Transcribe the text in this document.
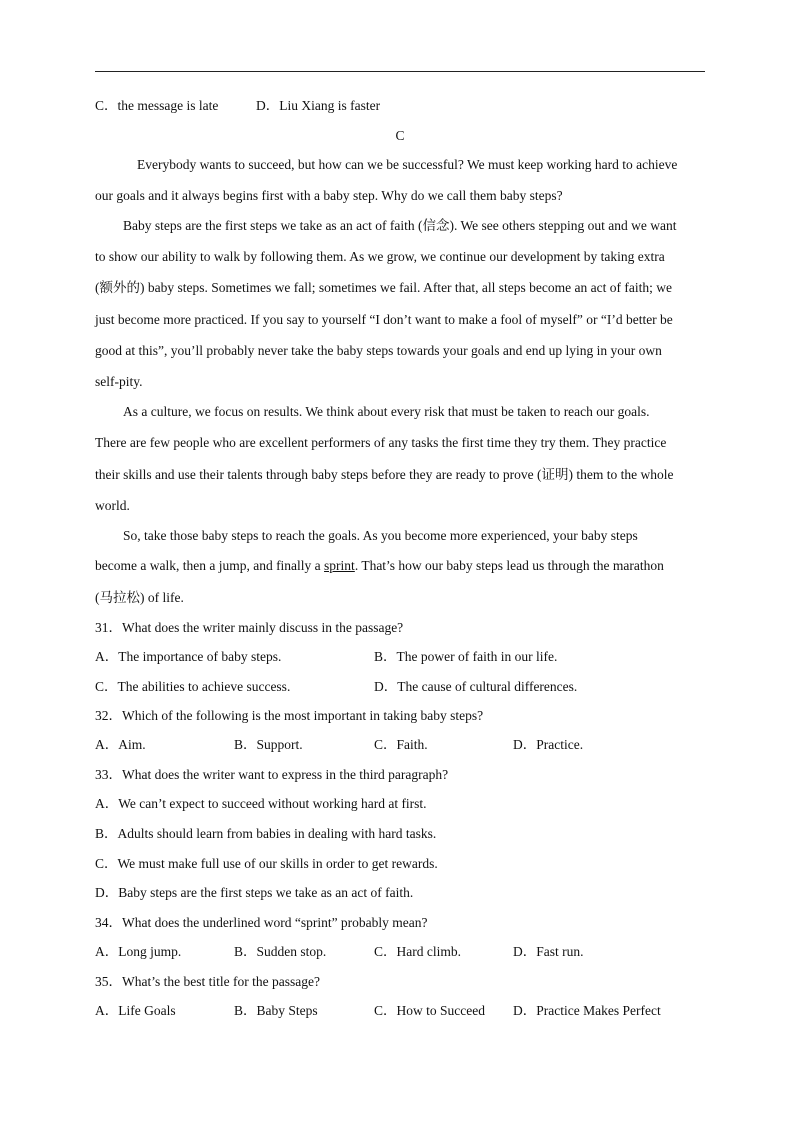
C．the message is late	D．Liu Xiang is faster
C
Everybody wants to succeed, but how can we be successful? We must keep working hard to achieve
our goals and it always begins first with a baby step. Why do we call them baby steps?
Baby steps are the first steps we take as an act of faith (信念). We see others stepping out and we want
to show our ability to walk by following them. As we grow, we continue our development by taking extra
(额外的) baby steps. Sometimes we fall; sometimes we fail. After that, all steps become an act of faith; we
just become more practiced. If you say to yourself “I don’t want to make a fool of myself” or “I’d better be
good at this”, you’ll probably never take the baby steps towards your goals and end up lying in your own
self-pity.
As a culture, we focus on results. We think about every risk that must be taken to reach our goals.
There are few people who are excellent performers of any tasks the first time they try them. They practice
their skills and use their talents through baby steps before they are ready to prove (证明) them to the whole
world.
So, take those baby steps to reach the goals. As you become more experienced, your baby steps
become a walk, then a jump, and finally a sprint. That’s how our baby steps lead us through the marathon
(马拉松) of life.
31．What does the writer mainly discuss in the passage?
A．The importance of baby steps.	B．The power of faith in our life.
C．The abilities to achieve success.	D．The cause of cultural differences.
32．Which of the following is the most important in taking baby steps?
A．Aim.	B．Support.	C．Faith.	D．Practice.
33．What does the writer want to express in the third paragraph?
A．We can’t expect to succeed without working hard at first.
B．Adults should learn from babies in dealing with hard tasks.
C．We must make full use of our skills in order to get rewards.
D．Baby steps are the first steps we take as an act of faith.
34．What does the underlined word “sprint” probably mean?
A．Long jump.	B．Sudden stop.	C．Hard climb.	D．Fast run.
35．What’s the best title for the passage?
A．Life Goals	B．Baby Steps	C．How to Succeed D．Practice Makes Perfect
